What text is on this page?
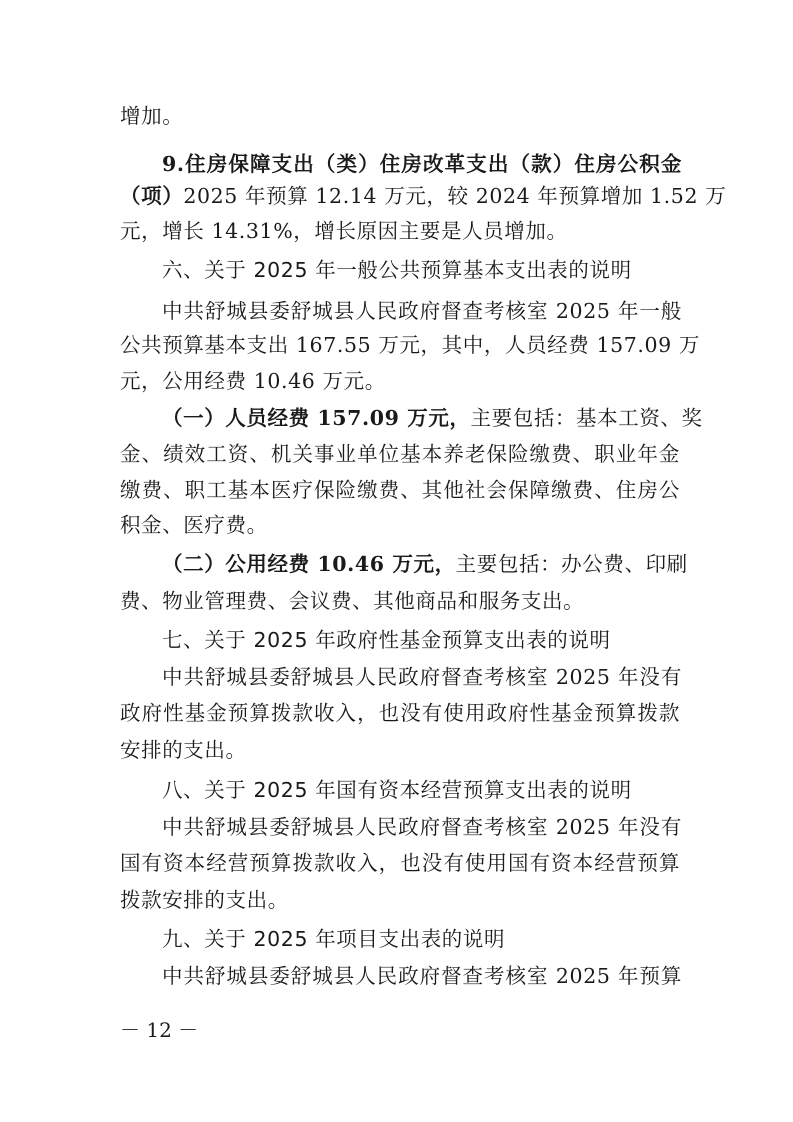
增加。
9.住房保障支出（类）住房改革支出（款）住房公积金
（项）2025 年预算 12.14 万元，较 2024 年预算增加 1.52 万
元，增长 14.31%，增长原因主要是人员增加。
六、关于 2025 年一般公共预算基本支出表的说明
中共舒城县委舒城县人民政府督查考核室 2025 年一般
公共预算基本支出 167.55 万元，其中，人员经费 157.09 万
元，公用经费 10.46 万元。
（一）人员经费 157.09 万元，主要包括：基本工资、奖
金、绩效工资、机关事业单位基本养老保险缴费、职业年金
缴费、职工基本医疗保险缴费、其他社会保障缴费、住房公
积金、医疗费。
（二）公用经费 10.46 万元，主要包括：办公费、印刷
费、物业管理费、会议费、其他商品和服务支出。
七、关于 2025 年政府性基金预算支出表的说明
中共舒城县委舒城县人民政府督查考核室 2025 年没有
政府性基金预算拨款收入，也没有使用政府性基金预算拨款
安排的支出。
八、关于 2025 年国有资本经营预算支出表的说明
中共舒城县委舒城县人民政府督查考核室 2025 年没有
国有资本经营预算拨款收入，也没有使用国有资本经营预算
拨款安排的支出。
九、关于 2025 年项目支出表的说明
中共舒城县委舒城县人民政府督查考核室 2025 年预算
－ 12 －
